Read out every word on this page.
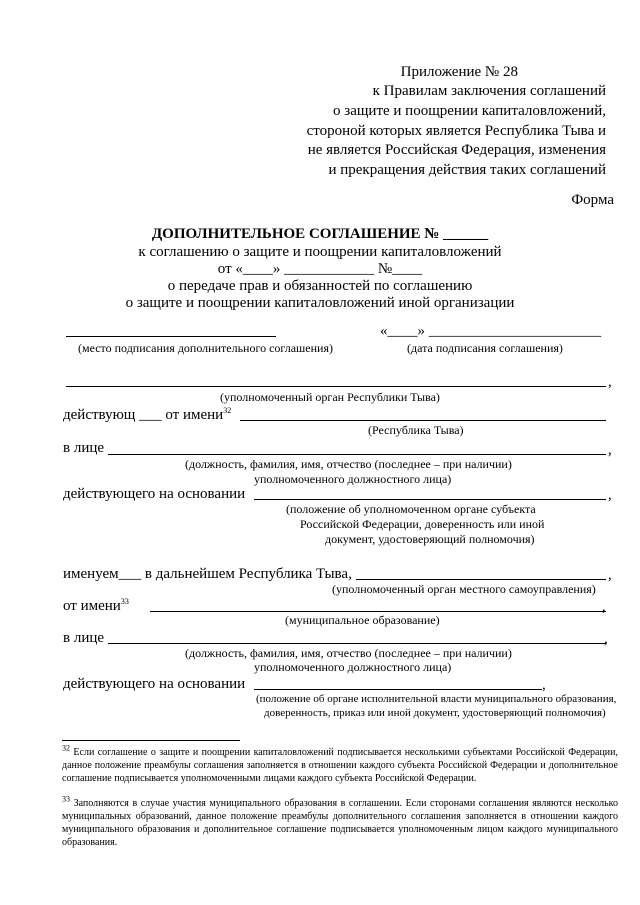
Приложение № 28
к Правилам заключения соглашений
о защите и поощрении капиталовложений,
стороной которых является Республика Тыва и
не является Российская Федерация, изменения
и прекращения действия таких соглашений
Форма
ДОПОЛНИТЕЛЬНОЕ СОГЛАШЕНИЕ № ______
к соглашению о защите и поощрении капиталовложений
от «____» ____________ №____
о передаче прав и обязанностей по соглашению
о защите и поощрении капиталовложений иной организации
«____» _______________________
(место подписания дополнительного соглашения)	(дата подписания соглашения)
,
(уполномоченный орган Республики Тыва)
действующ ___ от имени$^{32}$
(Республика Тыва)
в лице	,
(должность, фамилия, имя, отчество (последнее – при наличии)
уполномоченного должностного лица)
действующего на основании	,
(положение об уполномоченном органе субъекта
Российской Федерации, доверенность или иной
документ, удостоверяющий полномочия)
именуем___ в дальнейшем Республика Тыва,	,
(уполномоченный орган местного самоуправления)
от имени$^{33}$	,
(муниципальное образование)
в лице	,
(должность, фамилия, имя, отчество (последнее – при наличии)
уполномоченного должностного лица)
действующего на основании	,
(положение об органе исполнительной власти муниципального образования,
доверенность, приказ или иной документ, удостоверяющий полномочия)
$^{32}$ Если соглашение о защите и поощрении капиталовложений подписывается несколькими субъектами Российской Федерации, данное положение преамбулы соглашения заполняется в отношении каждого субъекта Российской Федерации и дополнительное соглашение подписывается уполномоченными лицами каждого субъекта Российской Федерации.
$^{33}$ Заполняются в случае участия муниципального образования в соглашении. Если сторонами соглашения являются несколько муниципальных образований, данное положение преамбулы дополнительного соглашения заполняется в отношении каждого муниципального образования и дополнительное соглашение подписывается уполномоченным лицом каждого муниципального образования.
